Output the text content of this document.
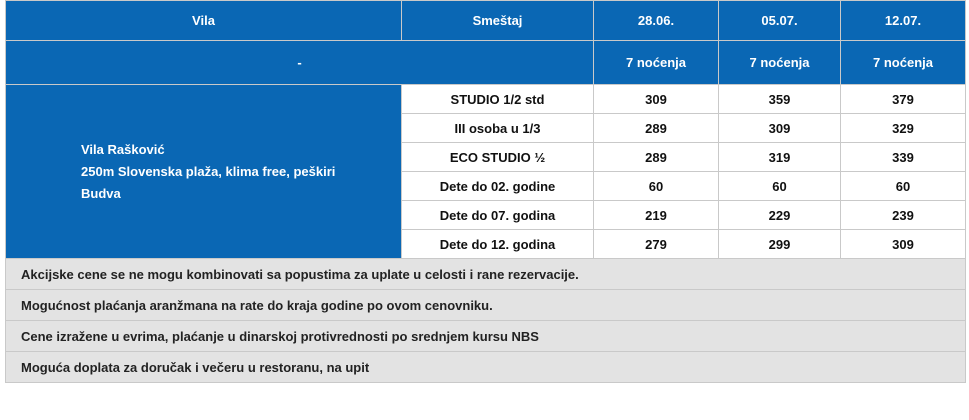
Vila	Smeštaj	28.06.	05.07.	12.07.
-		7 noćenja	7 noćenja	7 noćenja

Vila Rašković
250m Slovenska plaža, klima free, peškiri
Budva	STUDIO 1/2 std	309	359	379
	III osoba u 1/3	289	309	329
	ECO STUDIO ½	289	319	339
	Dete do 02. godine	60	60	60
	Dete do 07. godina	219	229	239
	Dete do 12. godina	279	299	309
Akcijske cene se ne mogu kombinovati sa popustima za uplate u celosti i rane rezervacije.				
Mogućnost plaćanja aranžmana na rate do kraja godine po ovom cenovniku.				
Cene izražene u evrima, plaćanje u dinarskoj protivrednosti po srednjem kursu NBS				
Moguća doplata za doručak i večeru u restoranu, na upit				
